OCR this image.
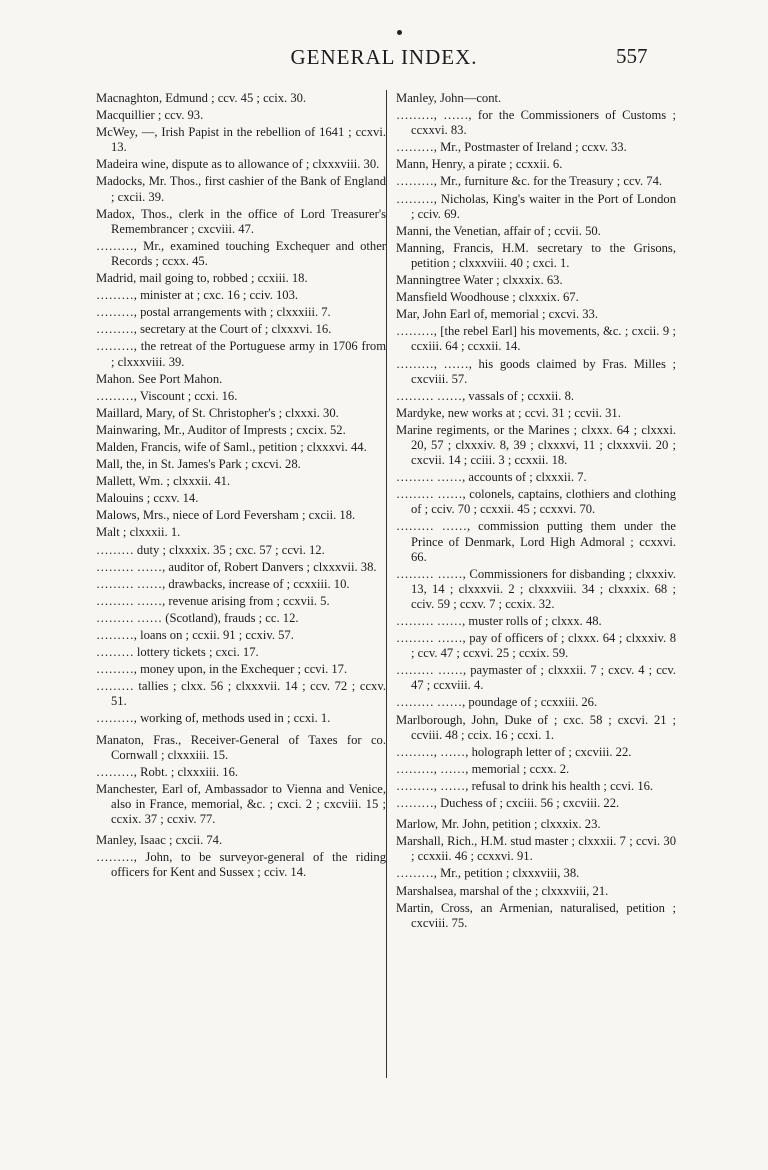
GENERAL INDEX.	557
Macnaghton, Edmund ; ccv. 45 ; ccix. 30.
Macquillier ; ccv. 93.
McWey, —, Irish Papist in the rebellion of 1641 ; ccxvi. 13.
Madeira wine, dispute as to allowance of ; clxxxviii. 30.
Madocks, Mr. Thos., first cashier of the Bank of England ; cxcii. 39.
Madox, Thos., clerk in the office of Lord Treasurer's Remembrancer ; cxcviii. 47.
………, Mr., examined touching Exchequer and other Records ; ccxx. 45.
Madrid, mail going to, robbed ; ccxiii. 18.
………, minister at ; cxc. 16 ; cciv. 103.
………, postal arrangements with ; clxxxiii. 7.
………, secretary at the Court of ; clxxxvi. 16.
………, the retreat of the Portuguese army in 1706 from ; clxxxviii. 39.
Mahon. See Port Mahon.
………, Viscount ; ccxi. 16.
Maillard, Mary, of St. Christopher's ; clxxxi. 30.
Mainwaring, Mr., Auditor of Imprests ; cxcix. 52.
Malden, Francis, wife of Saml., petition ; clxxxvi. 44.
Mall, the, in St. James's Park ; cxcvi. 28.
Mallett, Wm. ; clxxxii. 41.
Malouins ; ccxv. 14.
Malows, Mrs., niece of Lord Feversham ; cxcii. 18.
Malt ; clxxxii. 1.
……… duty ; clxxxix. 35 ; cxc. 57 ; ccvi. 12.
……… ……, auditor of, Robert Danvers ; clxxxvii. 38.
……… ……, drawbacks, increase of ; ccxxiii. 10.
……… ……, revenue arising from ; ccxvii. 5.
……… …… (Scotland), frauds ; cc. 12.
………, loans on ; ccxii. 91 ; ccxiv. 57.
……… lottery tickets ; cxci. 17.
………, money upon, in the Exchequer ; ccvi. 17.
……… tallies ; clxx. 56 ; clxxxvii. 14 ; ccv. 72 ; ccxv. 51.
………, working of, methods used in ; ccxi. 1.
Manaton, Fras., Receiver-General of Taxes for co. Cornwall ; clxxxiii. 15.
………, Robt. ; clxxxiii. 16.
Manchester, Earl of, Ambassador to Vienna and Venice, also in France, memorial, &c. ; cxci. 2 ; cxcviii. 15 ; ccxix. 37 ; ccxiv. 77.
Manley, Isaac ; cxcii. 74.
………, John, to be surveyor-general of the riding officers for Kent and Sussex ; cciv. 14.
Manley, John—cont.
………, ……, for the Commissioners of Customs ; ccxxvi. 83.
………, Mr., Postmaster of Ireland ; ccxv. 33.
Mann, Henry, a pirate ; ccxxii. 6.
………, Mr., furniture &c. for the Treasury ; ccv. 74.
………, Nicholas, King's waiter in the Port of London ; cciv. 69.
Manni, the Venetian, affair of ; ccvii. 50.
Manning, Francis, H.M. secretary to the Grisons, petition ; clxxxviii. 40 ; cxci. 1.
Manningtree Water ; clxxxix. 63.
Mansfield Woodhouse ; clxxxix. 67.
Mar, John Earl of, memorial ; cxcvi. 33.
………, [the rebel Earl] his movements, &c. ; cxcii. 9 ; ccxiii. 64 ; ccxxii. 14.
………, ……, his goods claimed by Fras. Milles ; cxcviii. 57.
……… ……, vassals of ; ccxxii. 8.
Mardyke, new works at ; ccvi. 31 ; ccvii. 31.
Marine regiments, or the Marines ; clxxx. 64 ; clxxxi. 20, 57 ; clxxxiv. 8, 39 ; clxxxvi, 11 ; clxxxvii. 20 ; cxcvii. 14 ; cciii. 3 ; ccxxii. 18.
……… ……, accounts of ; clxxxii. 7.
……… ……, colonels, captains, clothiers and clothing of ; cciv. 70 ; ccxxii. 45 ; ccxxvi. 70.
……… ……, commission putting them under the Prince of Denmark, Lord High Admoral ; ccxxvi. 66.
……… ……, Commissioners for disbanding ; clxxxiv. 13, 14 ; clxxxvii. 2 ; clxxxviii. 34 ; clxxxix. 68 ; cciv. 59 ; ccxv. 7 ; ccxix. 32.
……… ……, muster rolls of ; clxxx. 48.
……… ……, pay of officers of ; clxxx. 64 ; clxxxiv. 8 ; ccv. 47 ; ccxvi. 25 ; ccxix. 59.
……… ……, paymaster of ; clxxxii. 7 ; cxcv. 4 ; ccv. 47 ; ccxviii. 4.
……… ……, poundage of ; ccxxiii. 26.
Marlborough, John, Duke of ; cxc. 58 ; cxcvi. 21 ; ccviii. 48 ; ccix. 16 ; ccxi. 1.
………, ……, holograph letter of ; cxcviii. 22.
………, ……, memorial ; ccxx. 2.
………, ……, refusal to drink his health ; ccvi. 16.
………, Duchess of ; cxciii. 56 ; cxcviii. 22.
Marlow, Mr. John, petition ; clxxxix. 23.
Marshall, Rich., H.M. stud master ; clxxxii. 7 ; ccvi. 30 ; ccxxii. 46 ; ccxxvi. 91.
………, Mr., petition ; clxxxviii, 38.
Marshalsea, marshal of the ; clxxxviii, 21.
Martin, Cross, an Armenian, naturalised, petition ; cxcviii. 75.
